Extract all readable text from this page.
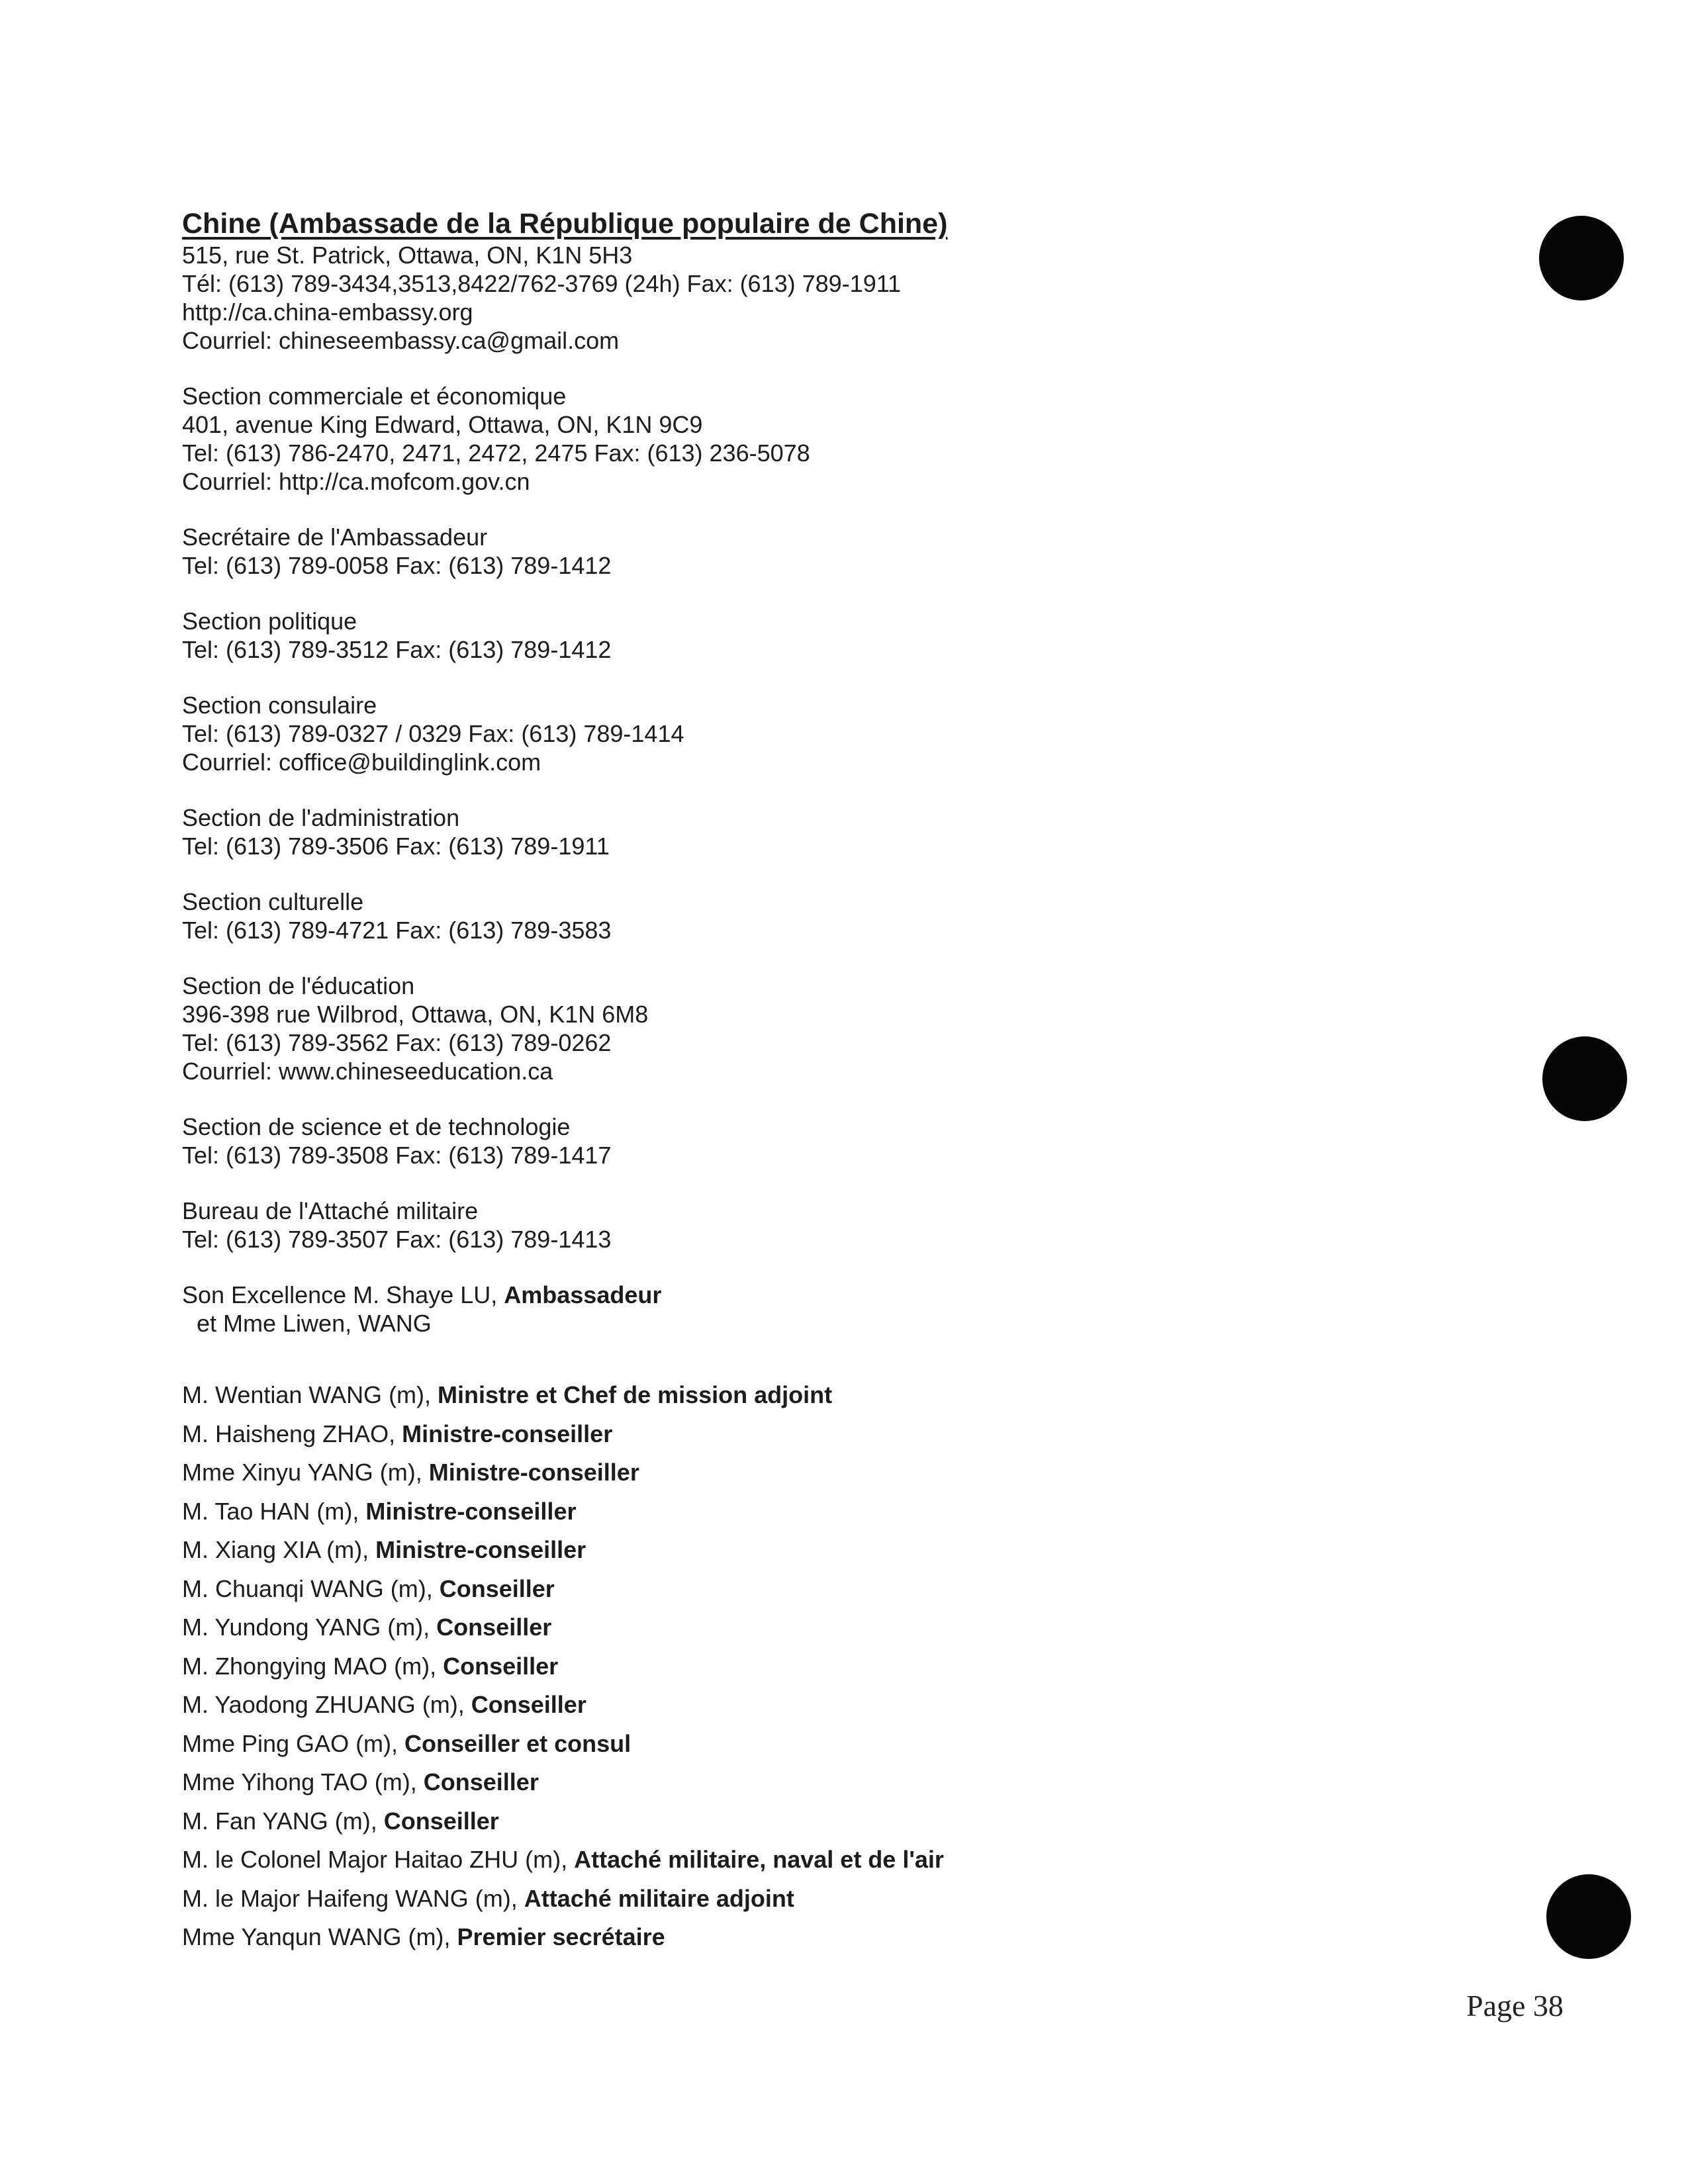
Chine (Ambassade de la République populaire de Chine)

515, rue St. Patrick, Ottawa, ON, K1N 5H3

Tél: (613) 789-3434,3513,8422/762-3769 (24h) Fax: (613) 789-1911

http://ca.china-embassy.org

Courriel: chineseembassy.ca@gmail.com

Section commerciale et économique

401, avenue King Edward, Ottawa, ON, K1N 9C9

Tel: (613) 786-2470, 2471, 2472, 2475 Fax: (613) 236-5078

Courriel: http://ca.mofcom.gov.cn

Secrétaire de l'Ambassadeur

Tel: (613) 789-0058 Fax: (613) 789-1412

Section politique

Tel: (613) 789-3512 Fax: (613) 789-1412

Section consulaire

Tel: (613) 789-0327 / 0329 Fax: (613) 789-1414

Courriel: coffice@buildinglink.com

Section de l'administration

Tel: (613) 789-3506 Fax: (613) 789-1911

Section culturelle

Tel: (613) 789-4721 Fax: (613) 789-3583

Section de l'éducation

396-398 rue Wilbrod, Ottawa, ON, K1N 6M8

Tel: (613) 789-3562 Fax: (613) 789-0262

Courriel: www.chineseeducation.ca

Section de science et de technologie

Tel: (613) 789-3508 Fax: (613) 789-1417

Bureau de l'Attaché militaire

Tel: (613) 789-3507 Fax: (613) 789-1413

Son Excellence M. Shaye LU, Ambassadeur

et Mme Liwen, WANG

M. Wentian WANG (m), Ministre et Chef de mission adjoint
M. Haisheng ZHAO, Ministre-conseiller
Mme Xinyu YANG (m), Ministre-conseiller
M. Tao HAN (m), Ministre-conseiller
M. Xiang XIA (m), Ministre-conseiller
M. Chuanqi WANG (m), Conseiller
M. Yundong YANG (m), Conseiller
M. Zhongying MAO (m), Conseiller
M. Yaodong ZHUANG (m), Conseiller
Mme Ping GAO (m), Conseiller et consul
Mme Yihong TAO (m), Conseiller
M. Fan YANG (m), Conseiller
M. le Colonel Major Haitao ZHU (m), Attaché militaire, naval et de l'air
M. le Major Haifeng WANG (m), Attaché militaire adjoint
Mme Yanqun WANG (m), Premier secrétaire
Page 38
